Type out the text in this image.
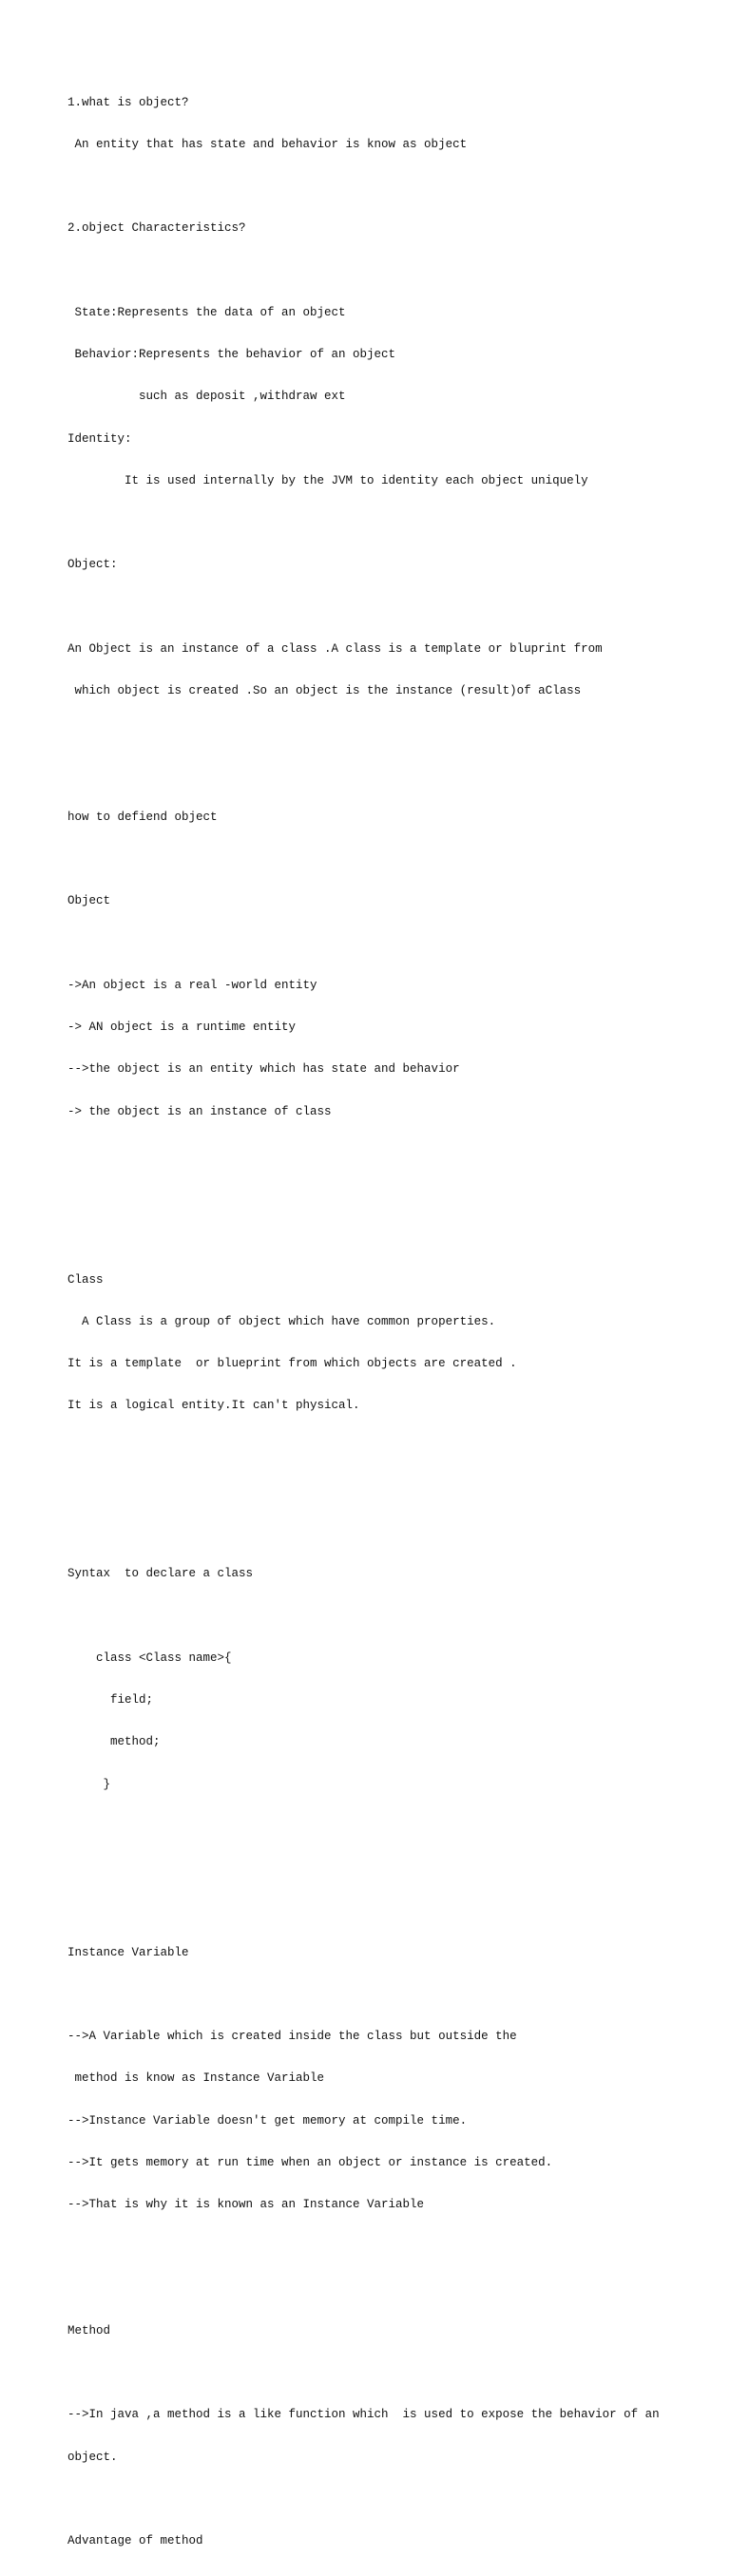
1.what is object?

An entity that has state and behavior is know as object

2.object Characteristics?

State:Represents the data of an object

Behavior:Represents the behavior of an object

such as deposit ,withdraw ext

Identity:

It is used internally by the JVM to identity each object uniquely

Object:

An Object is an instance of a class .A class is a template or bluprint from

which object is created .So an object is the instance (result)of aClass

how to defiend object

Object

->An object is a real -world entity

-> AN object is a runtime entity

-->the object is an entity which has state and behavior

-> the object is an instance of class

Class

A Class is a group of object which have common properties.

It is a template  or blueprint from which objects are created .

It is a logical entity.It can't physical.

Syntax  to declare a class

class <Class name>{

field;

method;

}

Instance Variable

-->A Variable which is created inside the class but outside the

method is know as Instance Variable

-->Instance Variable doesn't get memory at compile time.

-->It gets memory at run time when an object or instance is created.

-->That is why it is known as an Instance Variable

Method

-->In java ,a method is a like function which  is used to expose the behavior of an

object.

Advantage of method
